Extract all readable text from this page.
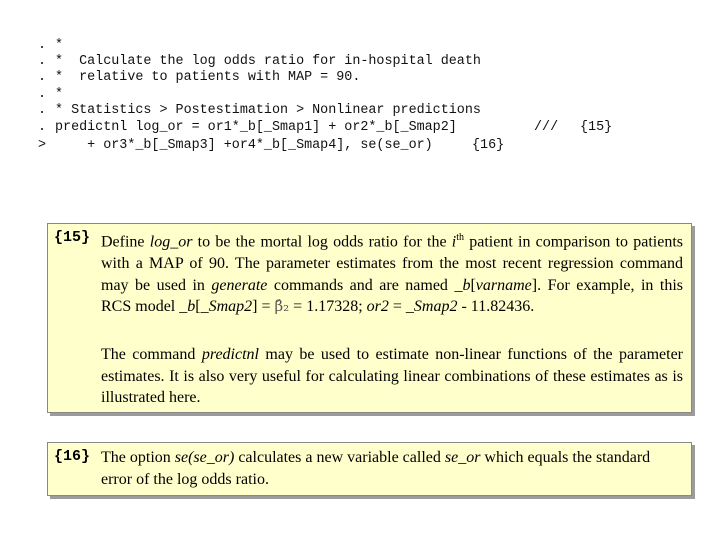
. *
. *  Calculate the log odds ratio for in-hospital death
. *  relative to patients with MAP = 90.
. *
. * Statistics > Postestimation > Nonlinear predictions
. predictnl log_or = or1*_b[_Smap1] + or2*_b[_Smap2]	/// {15}
> + or3*_b[_Smap3] +or4*_b[_Smap4], se(se_or)	{16}
{15} Define log_or to be the mortal log odds ratio for the $i^{th}$ patient in comparison to patients with a MAP of 90. The parameter estimates from the most recent regression command may be used in generate commands and are named _b[varname]. For example, in this RCS model _b[_Smap2] = β̂₂ = 1.17328; or2 = _Smap2 - 11.82436.
The command predictnl may be used to estimate non-linear functions of the parameter estimates. It is also very useful for calculating linear combinations of these estimates as is illustrated here.
{16} The option se(se_or) calculates a new variable called se_or which equals the standard error of the log odds ratio.
